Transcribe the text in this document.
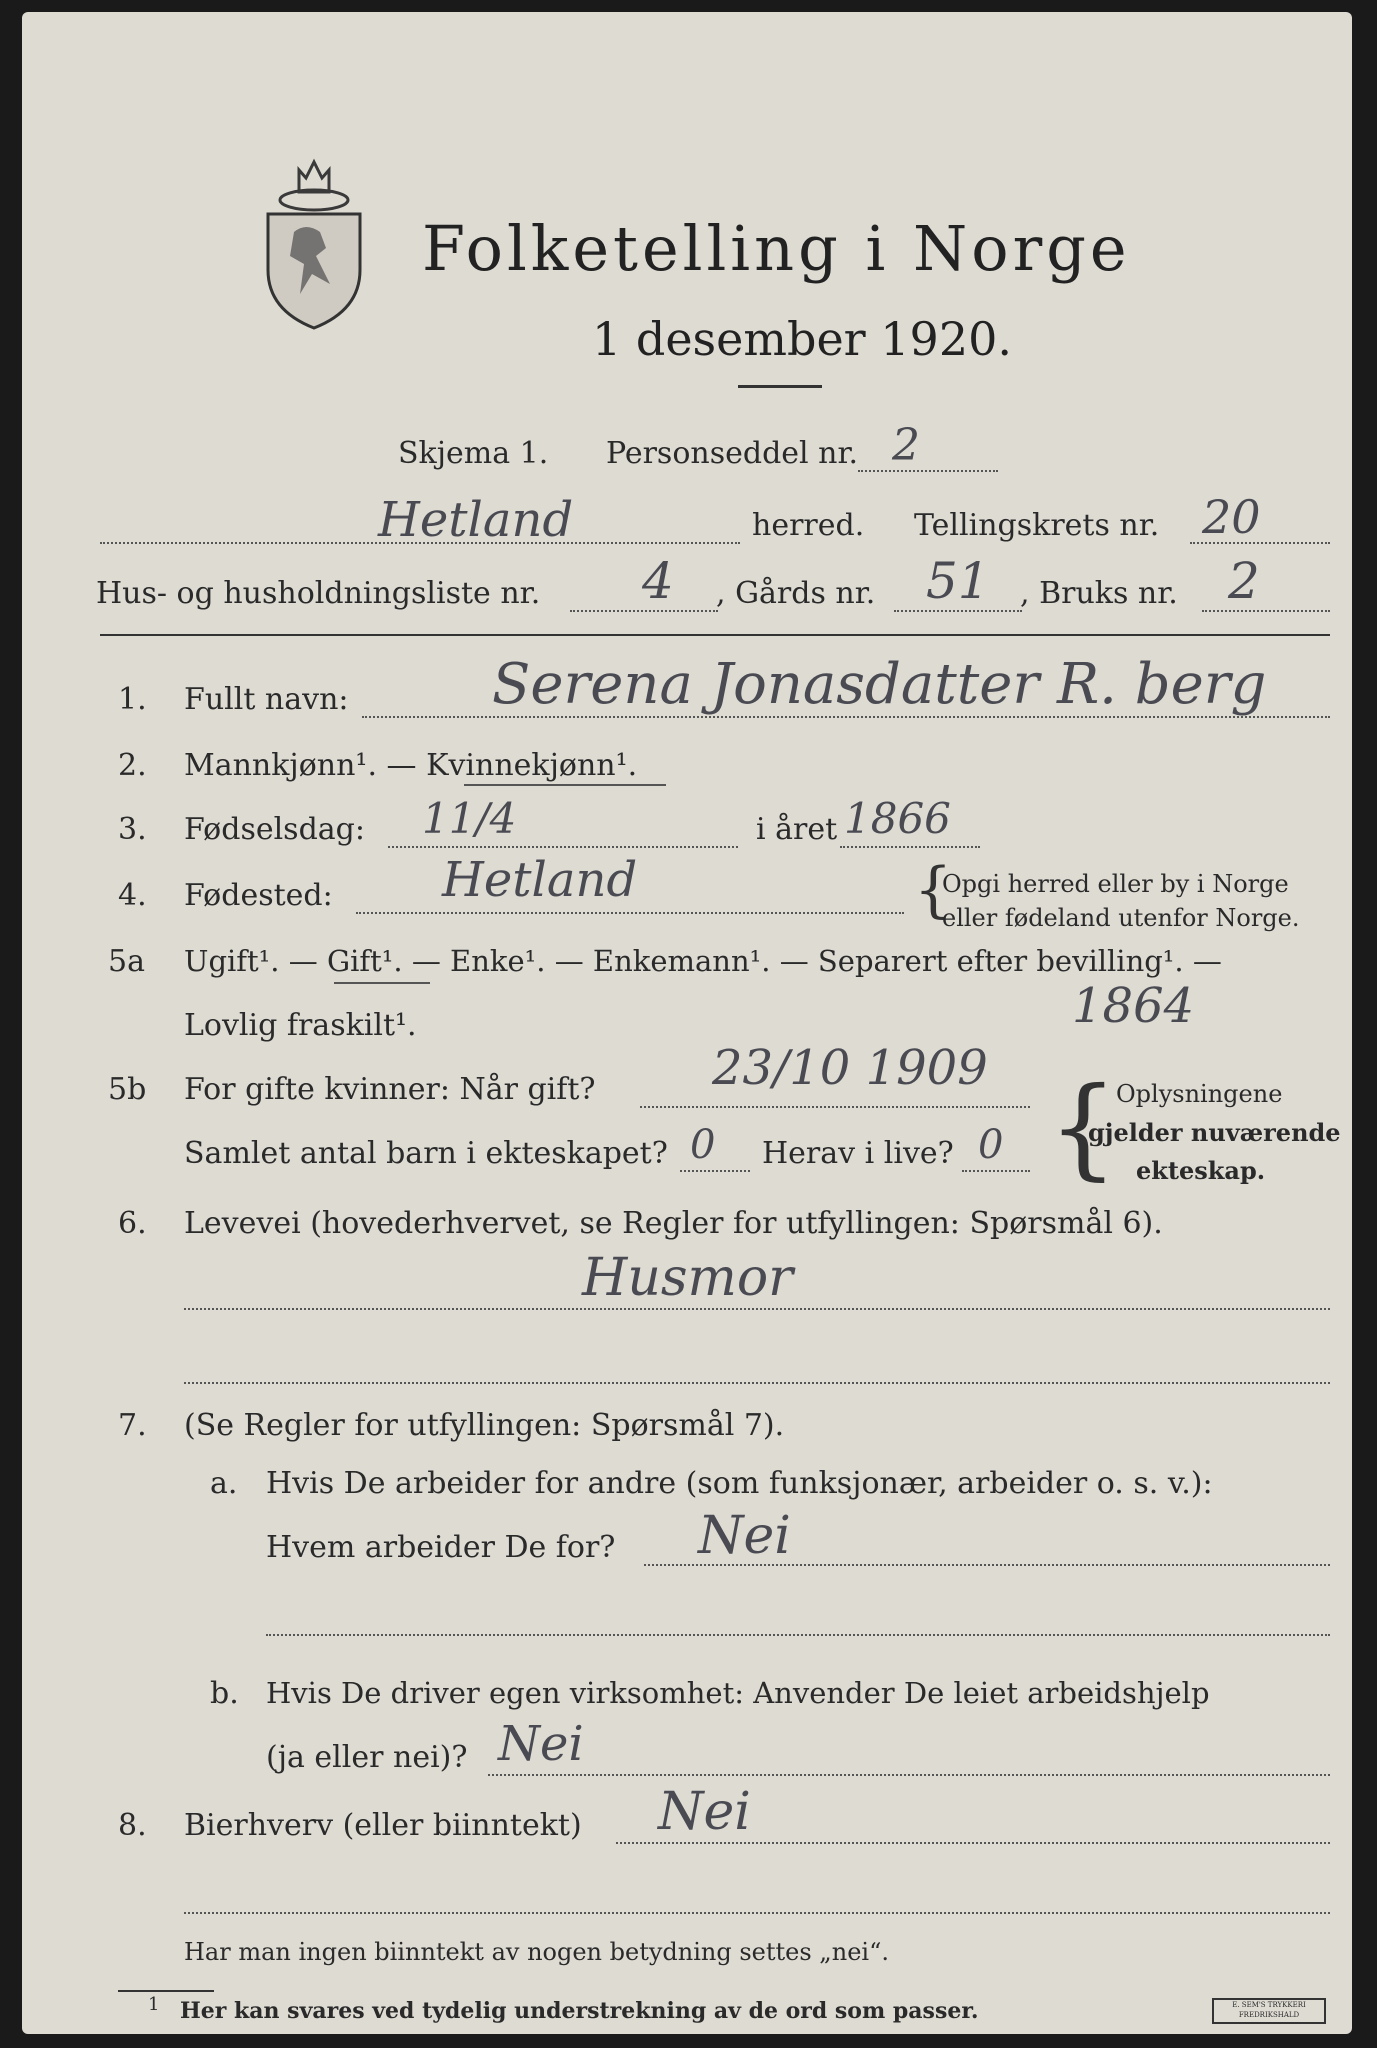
Folketelling i Norge
1 desember 1920.
Skjema 1. Personseddel nr. 2
Hetland	herred. Tellingskrets nr. 20
Hus- og husholdningsliste nr. 4 , Gårds nr. 51 , Bruks nr. 2
1. Fullt navn:	Serena Jonasdatter R. berg
2. Mannkjønn¹. — Kvinnekjønn¹.
3. Fødselsdag: 11/4	i året 1866
4. Fødested: Hetland	{
Opgi herred eller by i Norge
eller fødeland utenfor Norge.
5a Ugift¹. — Gift¹. — Enke¹. — Enkemann¹. — Separert efter bevilling¹. —
Lovlig fraskilt¹.	1864
5b For gifte kvinner: Når gift? 23/10 1909
Samlet antal barn i ekteskapet? 0 Herav i live? 0 {
Oplysningene
gjelder nuværende
ekteskap.
6. Levevei (hovederhvervet, se Regler for utfyllingen: Spørsmål 6).
Husmor
7. (Se Regler for utfyllingen: Spørsmål 7).
a. Hvis De arbeider for andre (som funksjonær, arbeider o. s. v.):
Hvem arbeider De for? Nei
b. Hvis De driver egen virksomhet: Anvender De leiet arbeidshjelp
(ja eller nei)? Nei
8. Bierhverv (eller biinntekt) Nei
Har man ingen biinntekt av nogen betydning settes „nei“.
1 Her kan svares ved tydelig understrekning av de ord som passer.	E. SEM'S TRYKKERI FREDRIKSHALD
